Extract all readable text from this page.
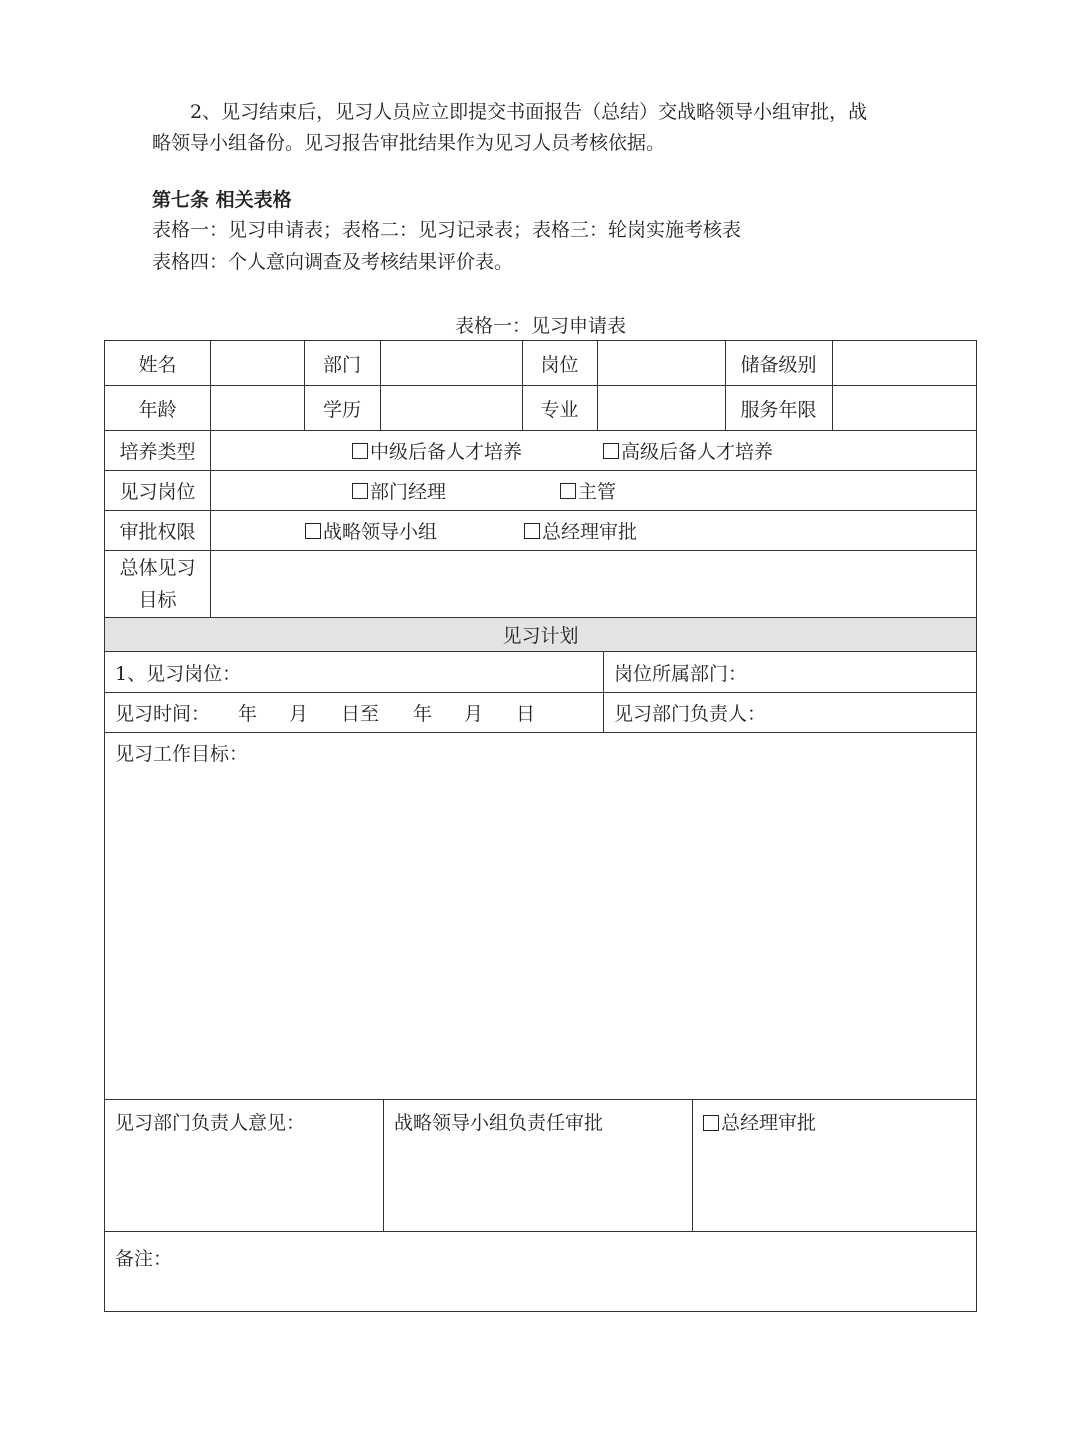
2、见习结束后，见习人员应立即提交书面报告（总结）交战略领导小组审批，战
略领导小组备份。见习报告审批结果作为见习人员考核依据。

第七条 相关表格

表格一：见习申请表；表格二：见习记录表；表格三：轮岗实施考核表

表格四：个人意向调查及考核结果评价表。

表格一：见习申请表
姓名	部门	岗位	储备级别
年龄	学历	专业	服务年限
培养类型	中级后备人才培养	高级后备人才培养
见习岗位	部门经理	主管
审批权限	战略领导小组	总经理审批
总体见习
目标
见习计划
1、见习岗位：	岗位所属部门：
见习时间： 年 月 日至 年 月 日	见习部门负责人：
见习工作目标：
见习部门负责人意见：	战略领导小组负责任审批	总经理审批
备注：
